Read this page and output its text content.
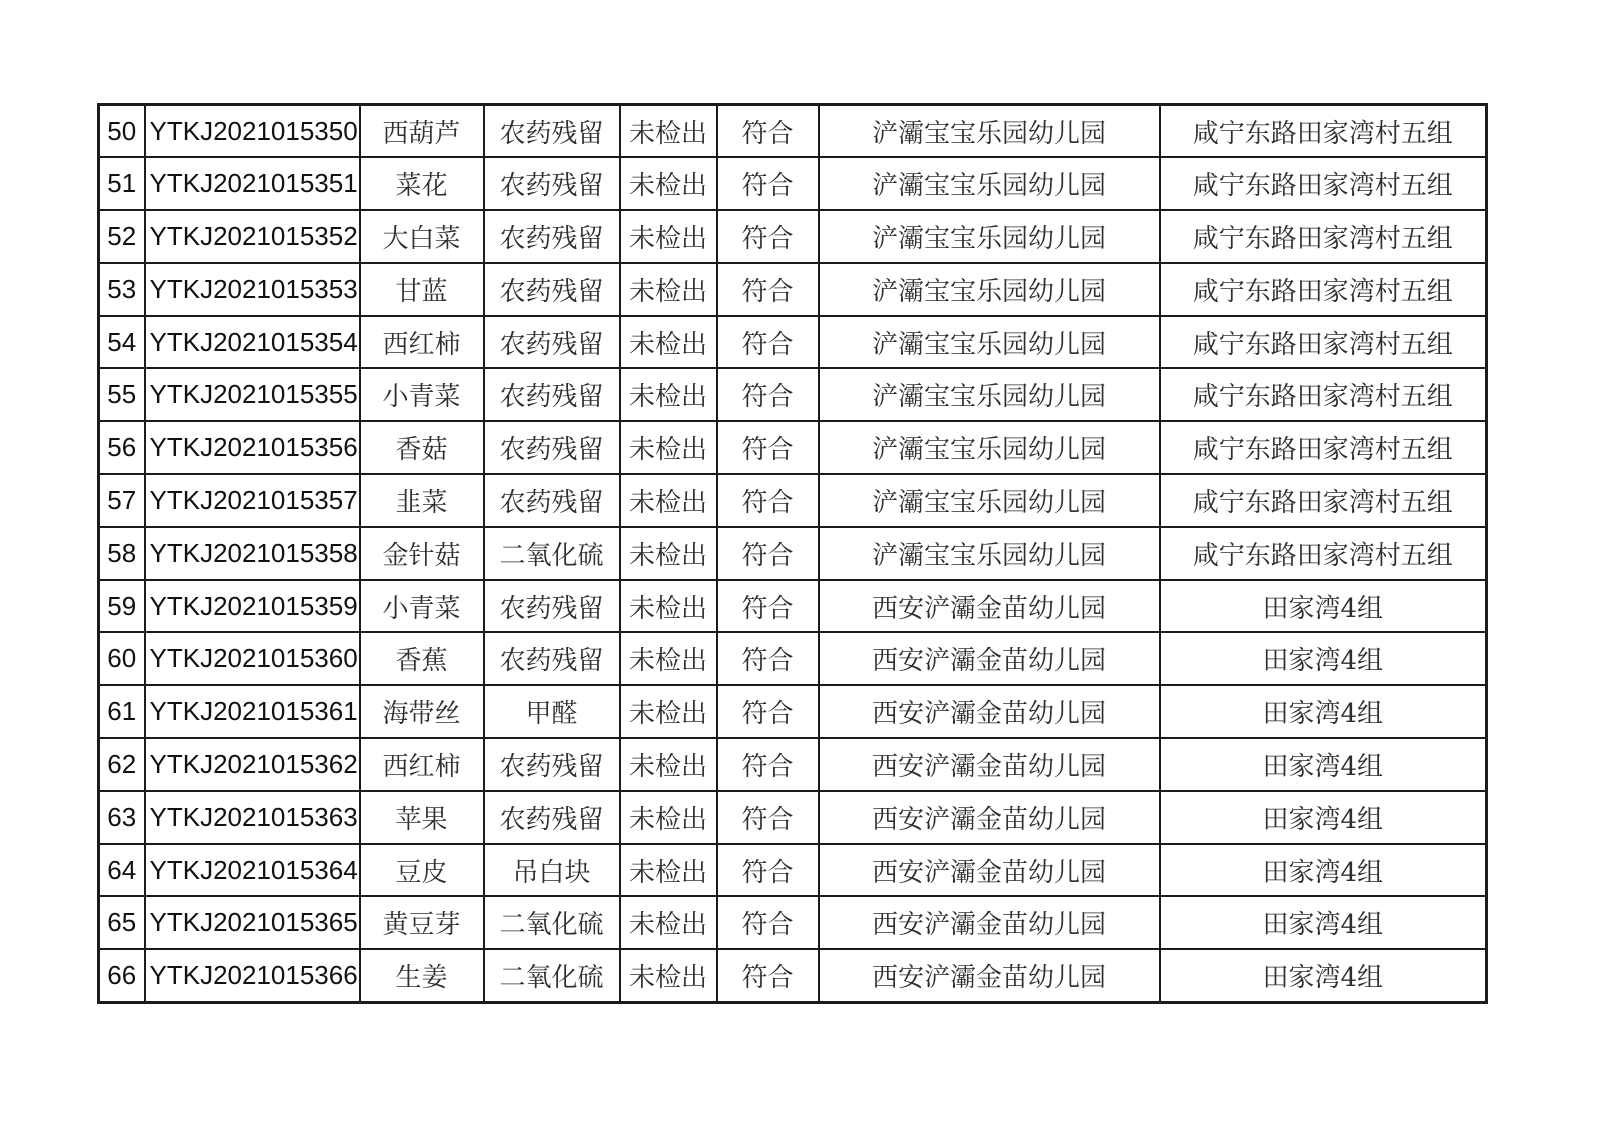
50	YTKJ2021015350	西葫芦	农药残留	未检出	符合	浐灞宝宝乐园幼儿园	咸宁东路田家湾村五组
51	YTKJ2021015351	菜花	农药残留	未检出	符合	浐灞宝宝乐园幼儿园	咸宁东路田家湾村五组
52	YTKJ2021015352	大白菜	农药残留	未检出	符合	浐灞宝宝乐园幼儿园	咸宁东路田家湾村五组
53	YTKJ2021015353	甘蓝	农药残留	未检出	符合	浐灞宝宝乐园幼儿园	咸宁东路田家湾村五组
54	YTKJ2021015354	西红柿	农药残留	未检出	符合	浐灞宝宝乐园幼儿园	咸宁东路田家湾村五组
55	YTKJ2021015355	小青菜	农药残留	未检出	符合	浐灞宝宝乐园幼儿园	咸宁东路田家湾村五组
56	YTKJ2021015356	香菇	农药残留	未检出	符合	浐灞宝宝乐园幼儿园	咸宁东路田家湾村五组
57	YTKJ2021015357	韭菜	农药残留	未检出	符合	浐灞宝宝乐园幼儿园	咸宁东路田家湾村五组
58	YTKJ2021015358	金针菇	二氧化硫	未检出	符合	浐灞宝宝乐园幼儿园	咸宁东路田家湾村五组
59	YTKJ2021015359	小青菜	农药残留	未检出	符合	西安浐灞金苗幼儿园	田家湾4组
60	YTKJ2021015360	香蕉	农药残留	未检出	符合	西安浐灞金苗幼儿园	田家湾4组
61	YTKJ2021015361	海带丝	甲醛	未检出	符合	西安浐灞金苗幼儿园	田家湾4组
62	YTKJ2021015362	西红柿	农药残留	未检出	符合	西安浐灞金苗幼儿园	田家湾4组
63	YTKJ2021015363	苹果	农药残留	未检出	符合	西安浐灞金苗幼儿园	田家湾4组
64	YTKJ2021015364	豆皮	吊白块	未检出	符合	西安浐灞金苗幼儿园	田家湾4组
65	YTKJ2021015365	黄豆芽	二氧化硫	未检出	符合	西安浐灞金苗幼儿园	田家湾4组
66	YTKJ2021015366	生姜	二氧化硫	未检出	符合	西安浐灞金苗幼儿园	田家湾4组
